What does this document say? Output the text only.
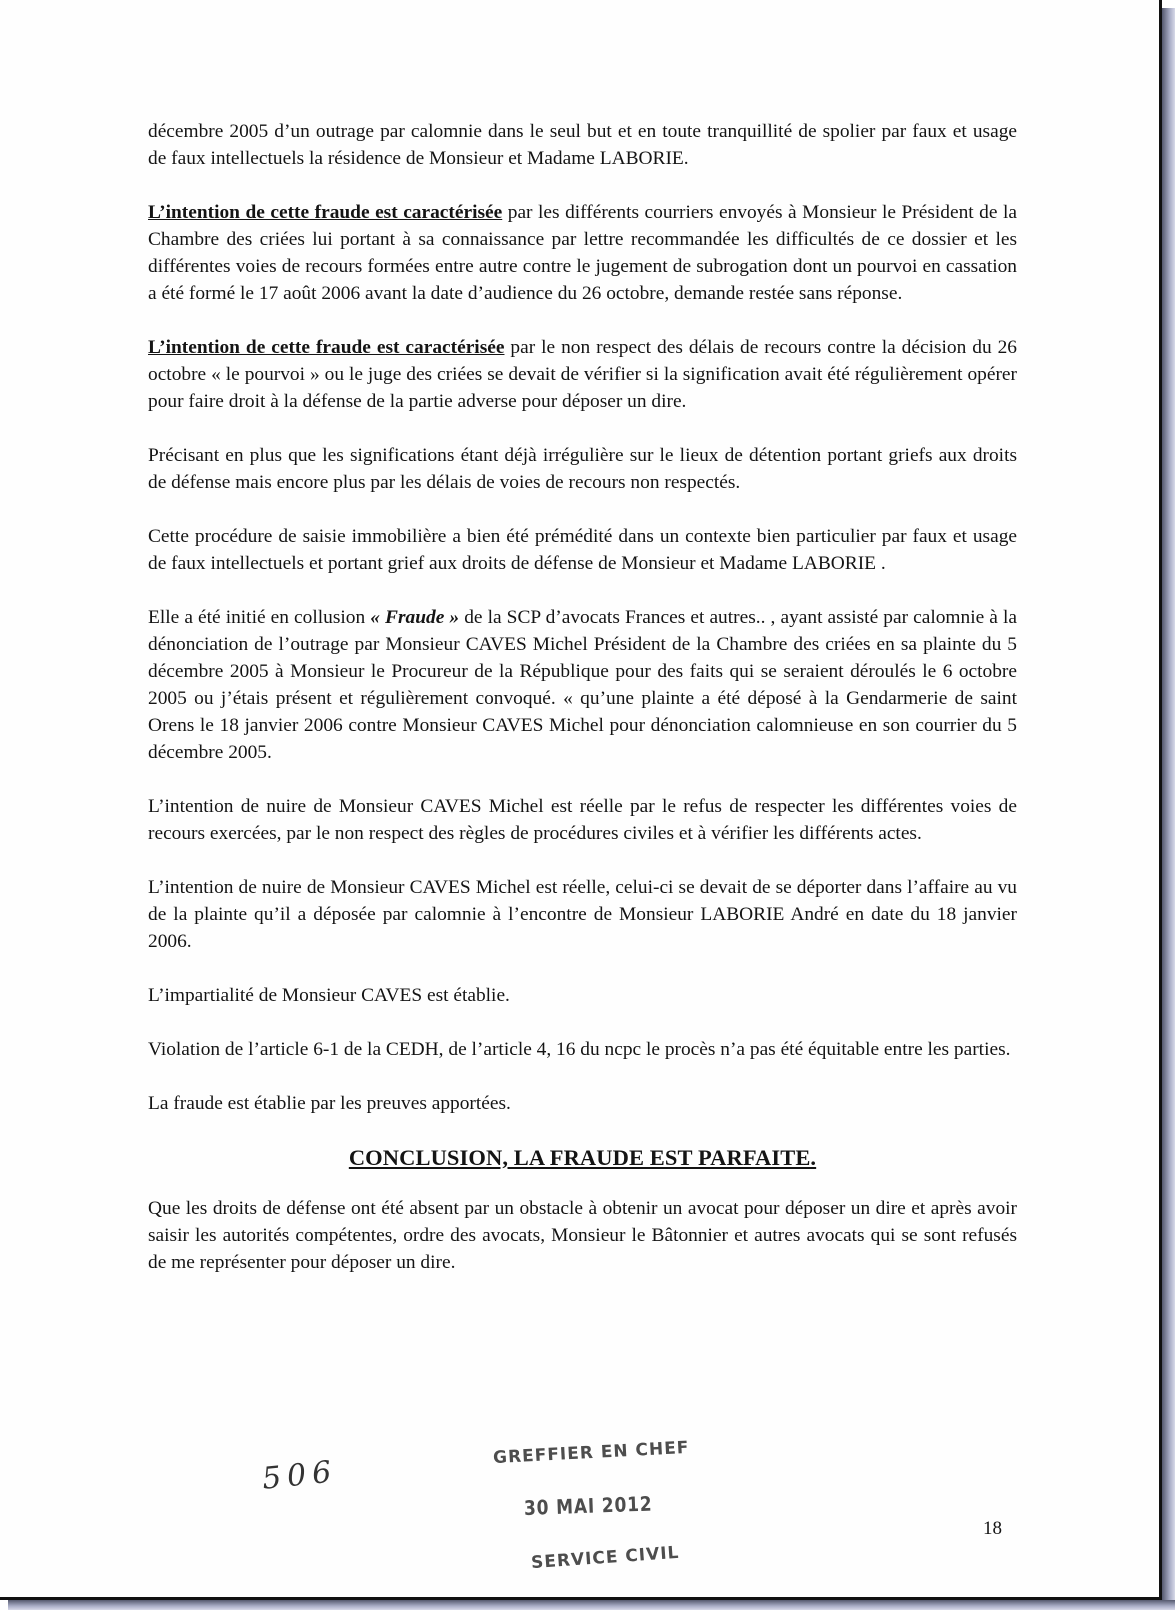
décembre 2005 d’un outrage par calomnie dans le seul but et en toute tranquillité de spolier par faux et usage de faux intellectuels la résidence de Monsieur et Madame LABORIE.

L’intention de cette fraude est caractérisée par les différents courriers envoyés à Monsieur le Président de la Chambre des criées lui portant à sa connaissance par lettre recommandée les difficultés de ce dossier et les différentes voies de recours formées entre autre contre le jugement de subrogation dont un pourvoi en cassation a été formé le 17 août 2006 avant la date d’audience du 26 octobre, demande restée sans réponse.

L’intention de cette fraude est caractérisée par le non respect des délais de recours contre la décision du 26 octobre « le pourvoi » ou le juge des criées se devait de vérifier si la signification avait été régulièrement opérer pour faire droit à la défense de la partie adverse pour déposer un dire.

Précisant en plus que les significations étant déjà irrégulière sur le lieux de détention portant griefs aux droits de défense mais encore plus par les délais de voies de recours non respectés.

Cette procédure de saisie immobilière a bien été prémédité dans un contexte bien particulier par faux et usage de faux intellectuels et portant grief aux droits de défense de Monsieur et Madame LABORIE .

Elle a été initié en collusion « Fraude » de la SCP d’avocats Frances et autres.. , ayant assisté par calomnie à la dénonciation de l’outrage par Monsieur CAVES Michel Président de la Chambre des criées en sa plainte du 5 décembre 2005 à Monsieur le Procureur de la République pour des faits qui se seraient déroulés le 6 octobre 2005 ou j’étais présent et régulièrement convoqué. « qu’une plainte a été déposé à la Gendarmerie de saint Orens le 18 janvier 2006 contre Monsieur CAVES Michel pour dénonciation calomnieuse en son courrier du 5 décembre 2005.

L’intention de nuire de Monsieur CAVES Michel est réelle par le refus de respecter les différentes voies de recours exercées, par le non respect des règles de procédures civiles et à vérifier les différents actes.

L’intention de nuire de Monsieur CAVES Michel est réelle, celui-ci se devait de se déporter dans l’affaire au vu de la plainte qu’il a déposée par calomnie à l’encontre de Monsieur LABORIE André en date du 18 janvier 2006.

L’impartialité de Monsieur CAVES est établie.

Violation de l’article 6-1 de la CEDH, de l’article 4, 16 du ncpc le procès n’a pas été équitable entre les parties.

La fraude est établie par les preuves apportées.

CONCLUSION, LA FRAUDE EST PARFAITE.

Que les droits de défense ont été absent par un obstacle à obtenir un avocat pour déposer un dire et après avoir saisir les autorités compétentes, ordre des avocats, Monsieur le Bâtonnier et autres avocats qui se sont refusés de me représenter pour déposer un dire.

506
GREFFIER EN CHEF
30 MAI 2012
SERVICE CIVIL
18
